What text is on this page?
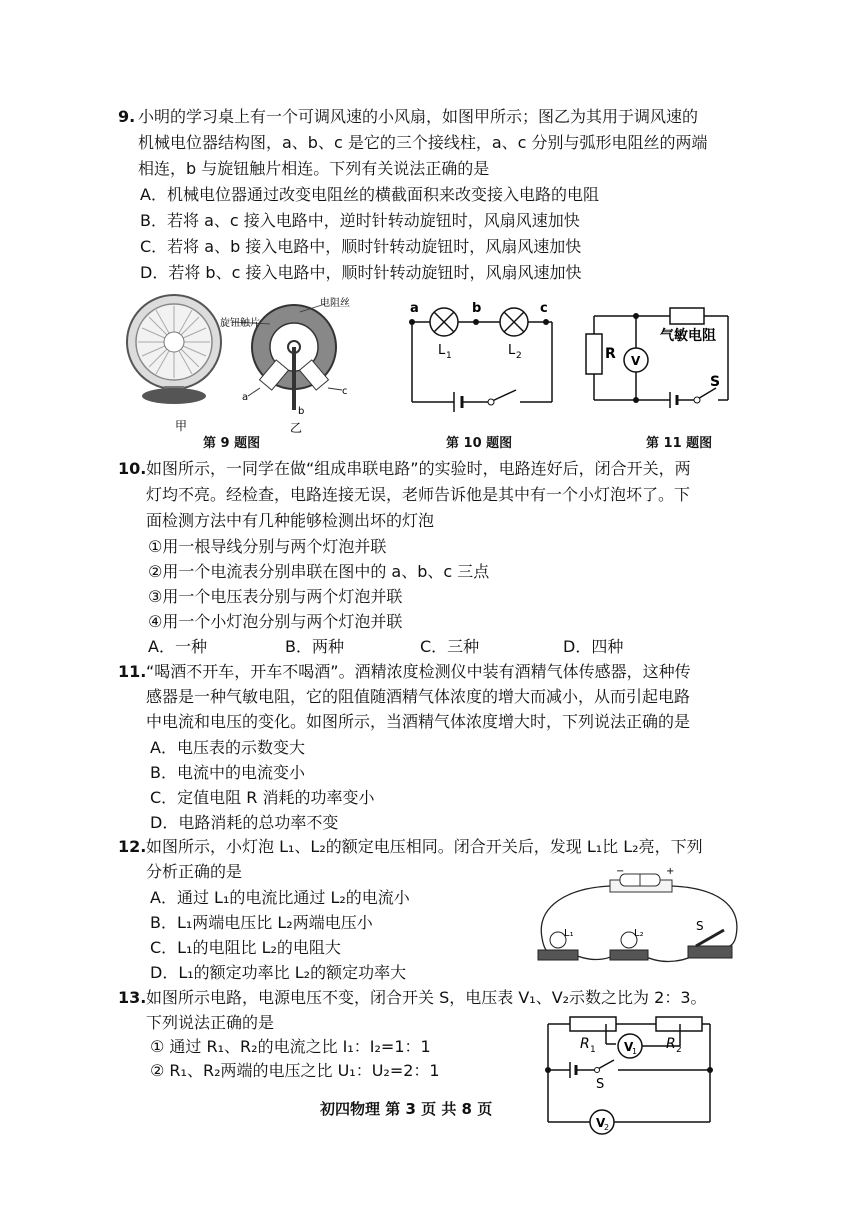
9. 小明的学习桌上有一个可调风速的小风扇，如图甲所示；图乙为其用于调风速的
机械电位器结构图，a、b、c 是它的三个接线柱，a、c 分别与弧形电阻丝的两端
相连，b 与旋钮触片相连。下列有关说法正确的是
A．机械电位器通过改变电阻丝的横截面积来改变接入电路的电阻
B．若将 a、c 接入电路中，逆时针转动旋钮时，风扇风速加快
C．若将 a、b 接入电路中，顺时针转动旋钮时，风扇风速加快
D．若将 b、c 接入电路中，顺时针转动旋钮时，风扇风速加快
甲
旋钮触片
电阻丝
a
b
c
乙
第 9 题图
a	b	c
L 1	L 2
第 10 题图
气敏电阻
R V
S
第 11 题图
10. 如图所示，一同学在做“组成串联电路”的实验时，电路连好后，闭合开关，两
灯均不亮。经检查，电路连接无误，老师告诉他是其中有一个小灯泡坏了。下
面检测方法中有几种能够检测出坏的灯泡
①用一根导线分别与两个灯泡并联
②用一个电流表分别串联在图中的 a、b、c 三点
③用一个电压表分别与两个灯泡并联
④用一个小灯泡分别与两个灯泡并联
A．一种	B．两种	C．三种	D．四种
11. “喝酒不开车，开车不喝酒”。酒精浓度检测仪中装有酒精气体传感器，这种传
感器是一种气敏电阻，它的阻值随酒精气体浓度的增大而减小，从而引起电路
中电流和电压的变化。如图所示，当酒精气体浓度增大时，下列说法正确的是
A．电压表的示数变大
B．电流中的电流变小
C．定值电阻 R 消耗的功率变小
D．电路消耗的总功率不变
12. 如图所示，小灯泡 L₁、L₂的额定电压相同。闭合开关后，发现 L₁比 L₂亮，下列
分析正确的是
A．通过 L₁的电流比通过 L₂的电流小
B．L₁两端电压比 L₂两端电压小
C．L₁的电阻比 L₂的电阻大
D．L₁的额定功率比 L₂的额定功率大
−	+
L₁	L₂
S
13. 如图所示电路，电源电压不变，闭合开关 S，电压表 V₁、V₂示数之比为 2：3。
下列说法正确的是
① 通过 R₁、R₂的电流之比 I₁：I₂=1：1
② R₁、R₂两端的电压之比 U₁：U₂=2：1
R 1	R 2
V
1
V
2
S
初四物理 第 3 页 共 8 页
